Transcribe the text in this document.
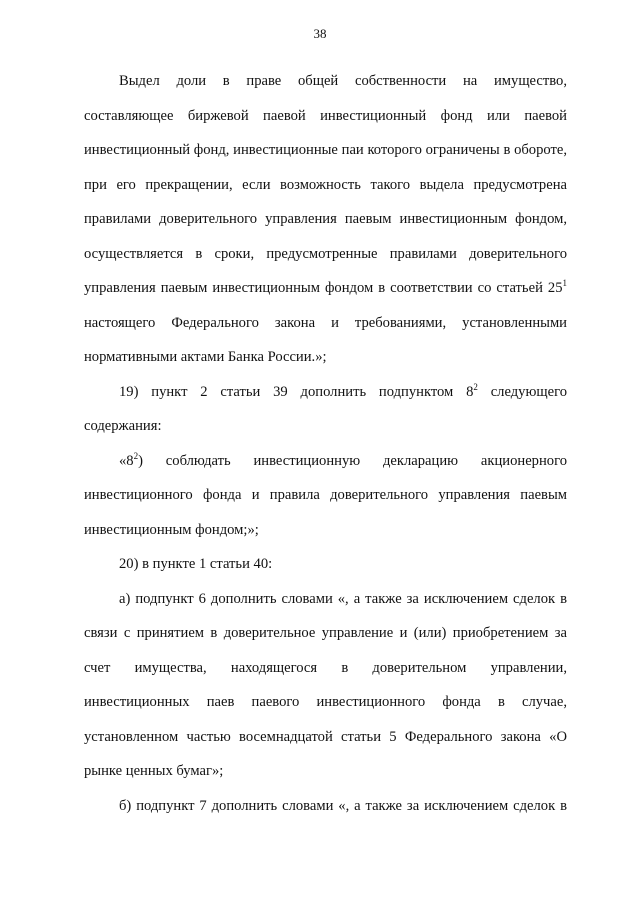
38

Выдел доли в праве общей собственности на имущество, составляющее биржевой паевой инвестиционный фонд или паевой инвестиционный фонд, инвестиционные паи которого ограничены в обороте, при его прекращении, если возможность такого выдела предусмотрена правилами доверительного управления паевым инвестиционным фондом, осуществляется в сроки, предусмотренные правилами доверительного управления паевым инвестиционным фондом в соответствии со статьей $25^1$ настоящего Федерального закона и требованиями, установленными нормативными актами Банка России.»;

19) пункт 2 статьи 39 дополнить подпунктом $8^2$ следующего содержания:

«$8^2$) соблюдать инвестиционную декларацию акционерного инвестиционного фонда и правила доверительного управления паевым инвестиционным фондом;»;

20) в пункте 1 статьи 40:

а) подпункт 6 дополнить словами «, а также за исключением сделок в связи с принятием в доверительное управление и (или) приобретением за счет имущества, находящегося в доверительном управлении, инвестиционных паев паевого инвестиционного фонда в случае, установленном частью восемнадцатой статьи 5 Федерального закона «О рынке ценных бумаг»;

б) подпункт 7 дополнить словами «, а также за исключением сделок в
